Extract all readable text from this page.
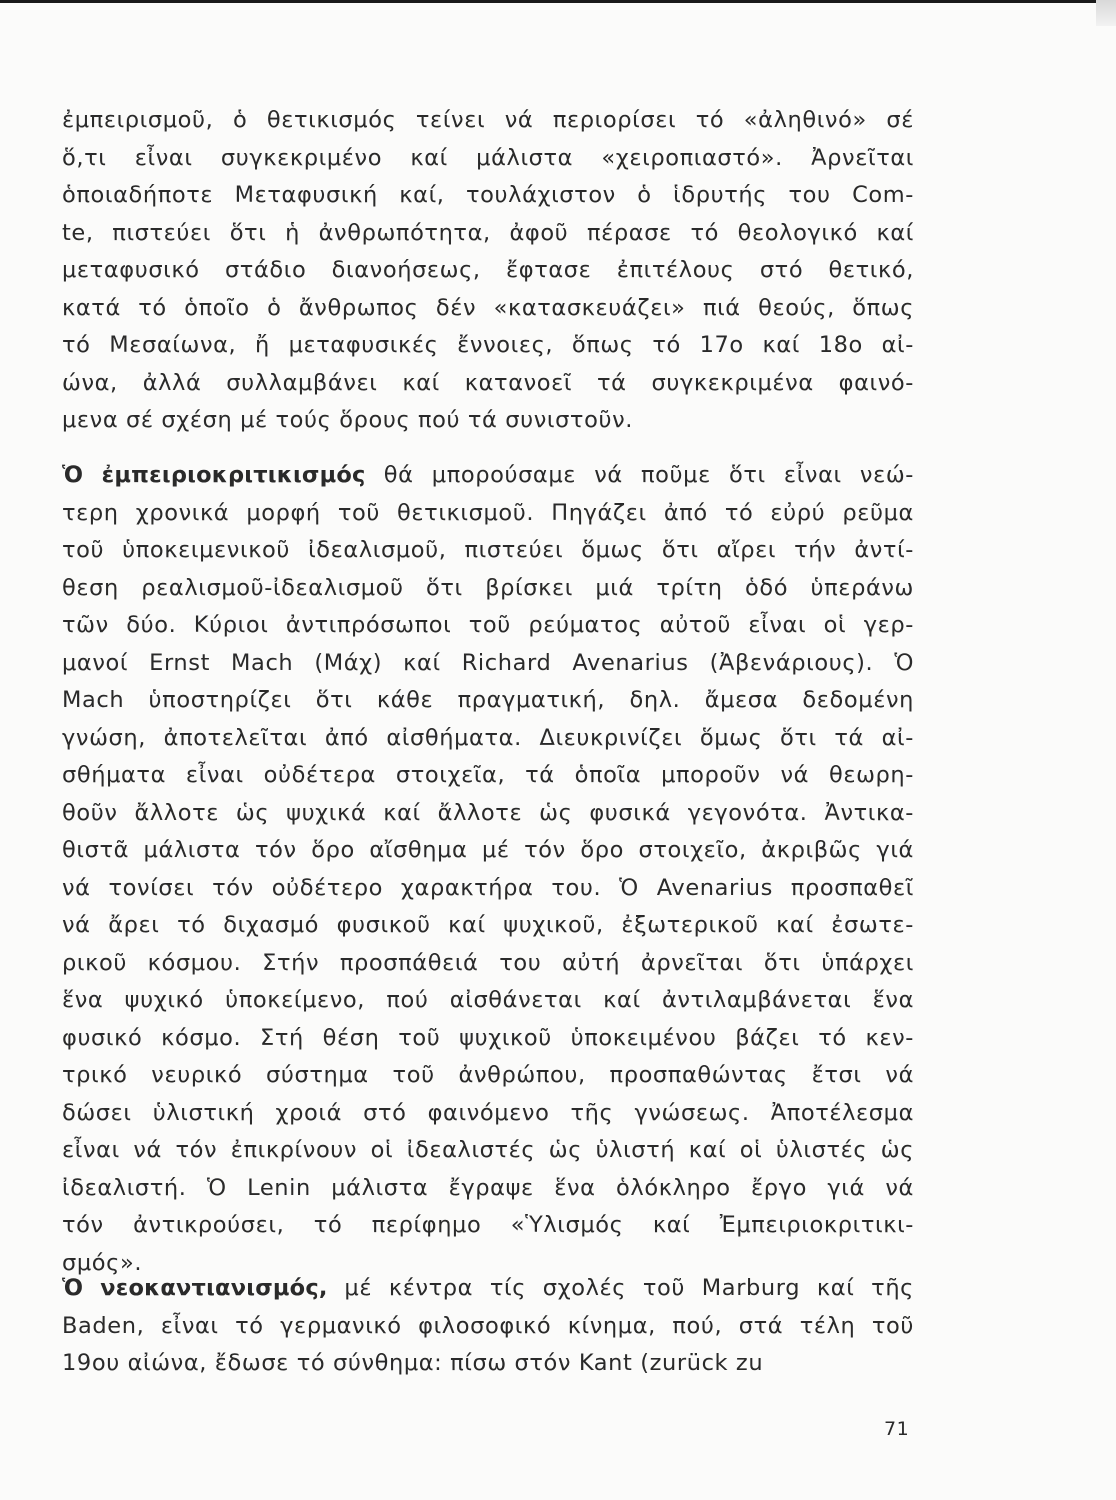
ἐμπειρισμοῦ, ὁ θετικισμός τείνει νά περιορίσει τό «ἀληθινό» σέ
ὅ,τι εἶναι συγκεκριμένο καί μάλιστα «χειροπιαστό». Ἀρνεῖται
ὁποιαδήποτε Μεταφυσική καί, τουλάχιστον ὁ ἱδρυτής του Com-
te, πιστεύει ὅτι ἡ ἀνθρωπότητα, ἀφοῦ πέρασε τό θεολογικό καί
μεταφυσικό στάδιο διανοήσεως, ἔφτασε ἐπιτέλους στό θετικό,
κατά τό ὁποῖο ὁ ἄνθρωπος δέν «κατασκευάζει» πιά θεούς, ὅπως
τό Μεσαίωνα, ἤ μεταφυσικές ἔννοιες, ὅπως τό 17ο καί 18ο αἰ-
ώνα, ἀλλά συλλαμβάνει καί κατανοεῖ τά συγκεκριμένα φαινό-
μενα σέ σχέση μέ τούς ὅρους πού τά συνιστοῦν.
Ὁ ἐμπειριοκριτικισμός θά μπορούσαμε νά ποῦμε ὅτι εἶναι νεώ-
τερη χρονικά μορφή τοῦ θετικισμοῦ. Πηγάζει ἀπό τό εὐρύ ρεῦμα
τοῦ ὑποκειμενικοῦ ἰδεαλισμοῦ, πιστεύει ὅμως ὅτι αἴρει τήν ἀντί-
θεση ρεαλισμοῦ-ἰδεαλισμοῦ ὅτι βρίσκει μιά τρίτη ὁδό ὑπεράνω
τῶν δύο. Κύριοι ἀντιπρόσωποι τοῦ ρεύματος αὐτοῦ εἶναι οἱ γερ-
μανοί Ernst Mach (Μάχ) καί Richard Avenarius (Ἀβενάριους). Ὁ
Mach ὑποστηρίζει ὅτι κάθε πραγματική, δηλ. ἄμεσα δεδομένη
γνώση, ἀποτελεῖται ἀπό αἰσθήματα. Διευκρινίζει ὅμως ὅτι τά αἰ-
σθήματα εἶναι οὐδέτερα στοιχεῖα, τά ὁποῖα μποροῦν νά θεωρη-
θοῦν ἄλλοτε ὡς ψυχικά καί ἄλλοτε ὡς φυσικά γεγονότα. Ἀντικα-
θιστᾶ μάλιστα τόν ὅρο αἴσθημα μέ τόν ὅρο στοιχεῖο, ἀκριβῶς γιά
νά τονίσει τόν οὐδέτερο χαρακτήρα του. Ὁ Avenarius προσπαθεῖ
νά ἄρει τό διχασμό φυσικοῦ καί ψυχικοῦ, ἐξωτερικοῦ καί ἐσωτε-
ρικοῦ κόσμου. Στήν προσπάθειά του αὐτή ἀρνεῖται ὅτι ὑπάρχει
ἕνα ψυχικό ὑποκείμενο, πού αἰσθάνεται καί ἀντιλαμβάνεται ἕνα
φυσικό κόσμο. Στή θέση τοῦ ψυχικοῦ ὑποκειμένου βάζει τό κεν-
τρικό νευρικό σύστημα τοῦ ἀνθρώπου, προσπαθώντας ἔτσι νά
δώσει ὑλιστική χροιά στό φαινόμενο τῆς γνώσεως. Ἀποτέλεσμα
εἶναι νά τόν ἐπικρίνουν οἱ ἰδεαλιστές ὡς ὑλιστή καί οἱ ὑλιστές ὡς
ἰδεαλιστή. Ὁ Lenin μάλιστα ἔγραψε ἕνα ὁλόκληρο ἔργο γιά νά
τόν ἀντικρούσει, τό περίφημο «Ὑλισμός καί Ἐμπειριοκριτικι-
σμός».
Ὁ νεοκαντιανισμός, μέ κέντρα τίς σχολές τοῦ Marburg καί τῆς
Baden, εἶναι τό γερμανικό φιλοσοφικό κίνημα, πού, στά τέλη τοῦ
19ου αἰώνα, ἔδωσε τό σύνθημα: πίσω στόν Kant (zurück zu
71
